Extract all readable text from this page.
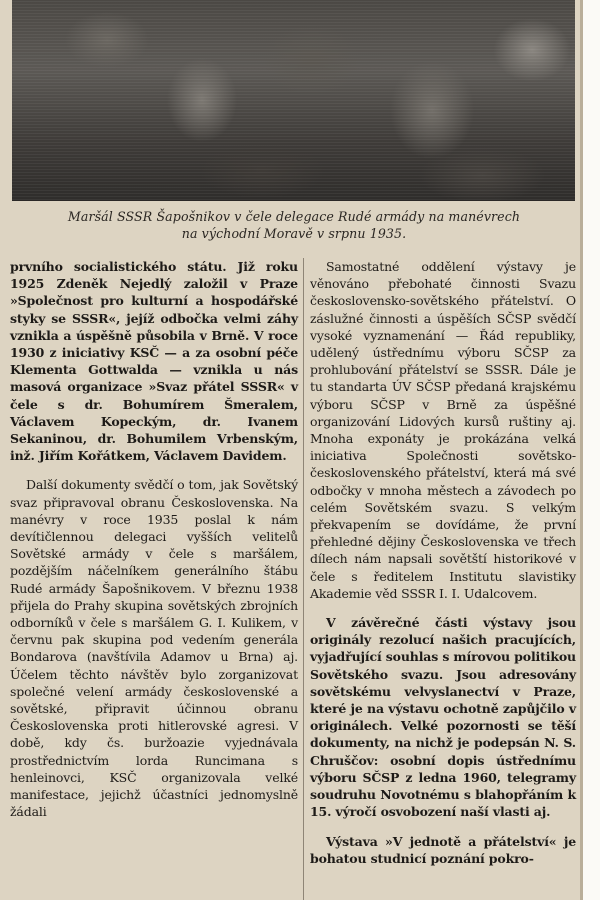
Maršál SSSR Šapošnikov v čele delegace Rudé armády na manévrech
na východní Moravě v srpnu 1935.

prvního socialistického státu. Již roku 1925 Zdeněk Nejedlý založil v Praze »Společnost pro kulturní a hospodářské styky se SSSR«, jejíž odbočka velmi záhy vznikla a úspěšně působila v Brně. V roce 1930 z iniciativy KSČ — a za osobní péče Klementa Gottwalda — vznikla u nás masová organizace »Svaz přátel SSSR« v čele s dr. Bohumírem Šmeralem, Václavem Kopeckým, dr. Ivanem Sekaninou, dr. Bohumilem Vrbenským, inž. Jiřím Kořátkem, Václavem Davidem.

Další dokumenty svědčí o tom, jak Sovětský svaz připravoval obranu Československa. Na manévry v roce 1935 poslal k nám devítičlennou delegaci vyšších velitelů Sovětské armády v čele s maršálem, pozdějším náčelníkem generálního štábu Rudé armády Šapošnikovem. V březnu 1938 přijela do Prahy skupina sovětských zbrojních odborníků v čele s maršálem G. I. Kulikem, v červnu pak skupina pod vedením generála Bondarova (navštívila Adamov u Brna) aj. Účelem těchto návštěv bylo zorganizovat společné velení armády československé a sovětské, připravit účinnou obranu Československa proti hitlerovské agresi. V době, kdy čs. buržoazie vyjednávala prostřednictvím lorda Runcimana s henleinovci, KSČ organizovala velké manifestace, jejichž účastníci jednomyslně žádali

Samostatné oddělení výstavy je věnováno přebohaté činnosti Svazu československo-sovětského přátelství. O záslužné činnosti a úspěších SČSP svědčí vysoké vyznamenání — Řád republiky, udělený ústřednímu výboru SČSP za prohlubování přátelství se SSSR. Dále je tu standarta ÚV SČSP předaná krajskému výboru SČSP v Brně za úspěšné organizování Lidových kursů ruštiny aj. Mnoha exponáty je prokázána velká iniciativa Společnosti sovětsko-československého přátelství, která má své odbočky v mnoha městech a závodech po celém Sovětském svazu. S velkým překvapením se dovídáme, že první přehledné dějiny Československa ve třech dílech nám napsali sovětští historikové v čele s ředitelem Institutu slavistiky Akademie věd SSSR I. I. Udalcovem.

V závěrečné části výstavy jsou originály rezolucí našich pracujících, vyjadřující souhlas s mírovou politikou Sovětského svazu. Jsou adresovány sovětskému velvyslanectví v Praze, které je na výstavu ochotně zapůjčilo v originálech. Velké pozornosti se těší dokumenty, na nichž je podepsán N. S. Chruščov: osobní dopis ústřednímu výboru SČSP z ledna 1960, telegramy soudruhu Novotnému s blahopřáním k 15. výročí osvobození naší vlasti aj.

Výstava »V jednotě a přátelství« je bohatou studnicí poznání pokro-
